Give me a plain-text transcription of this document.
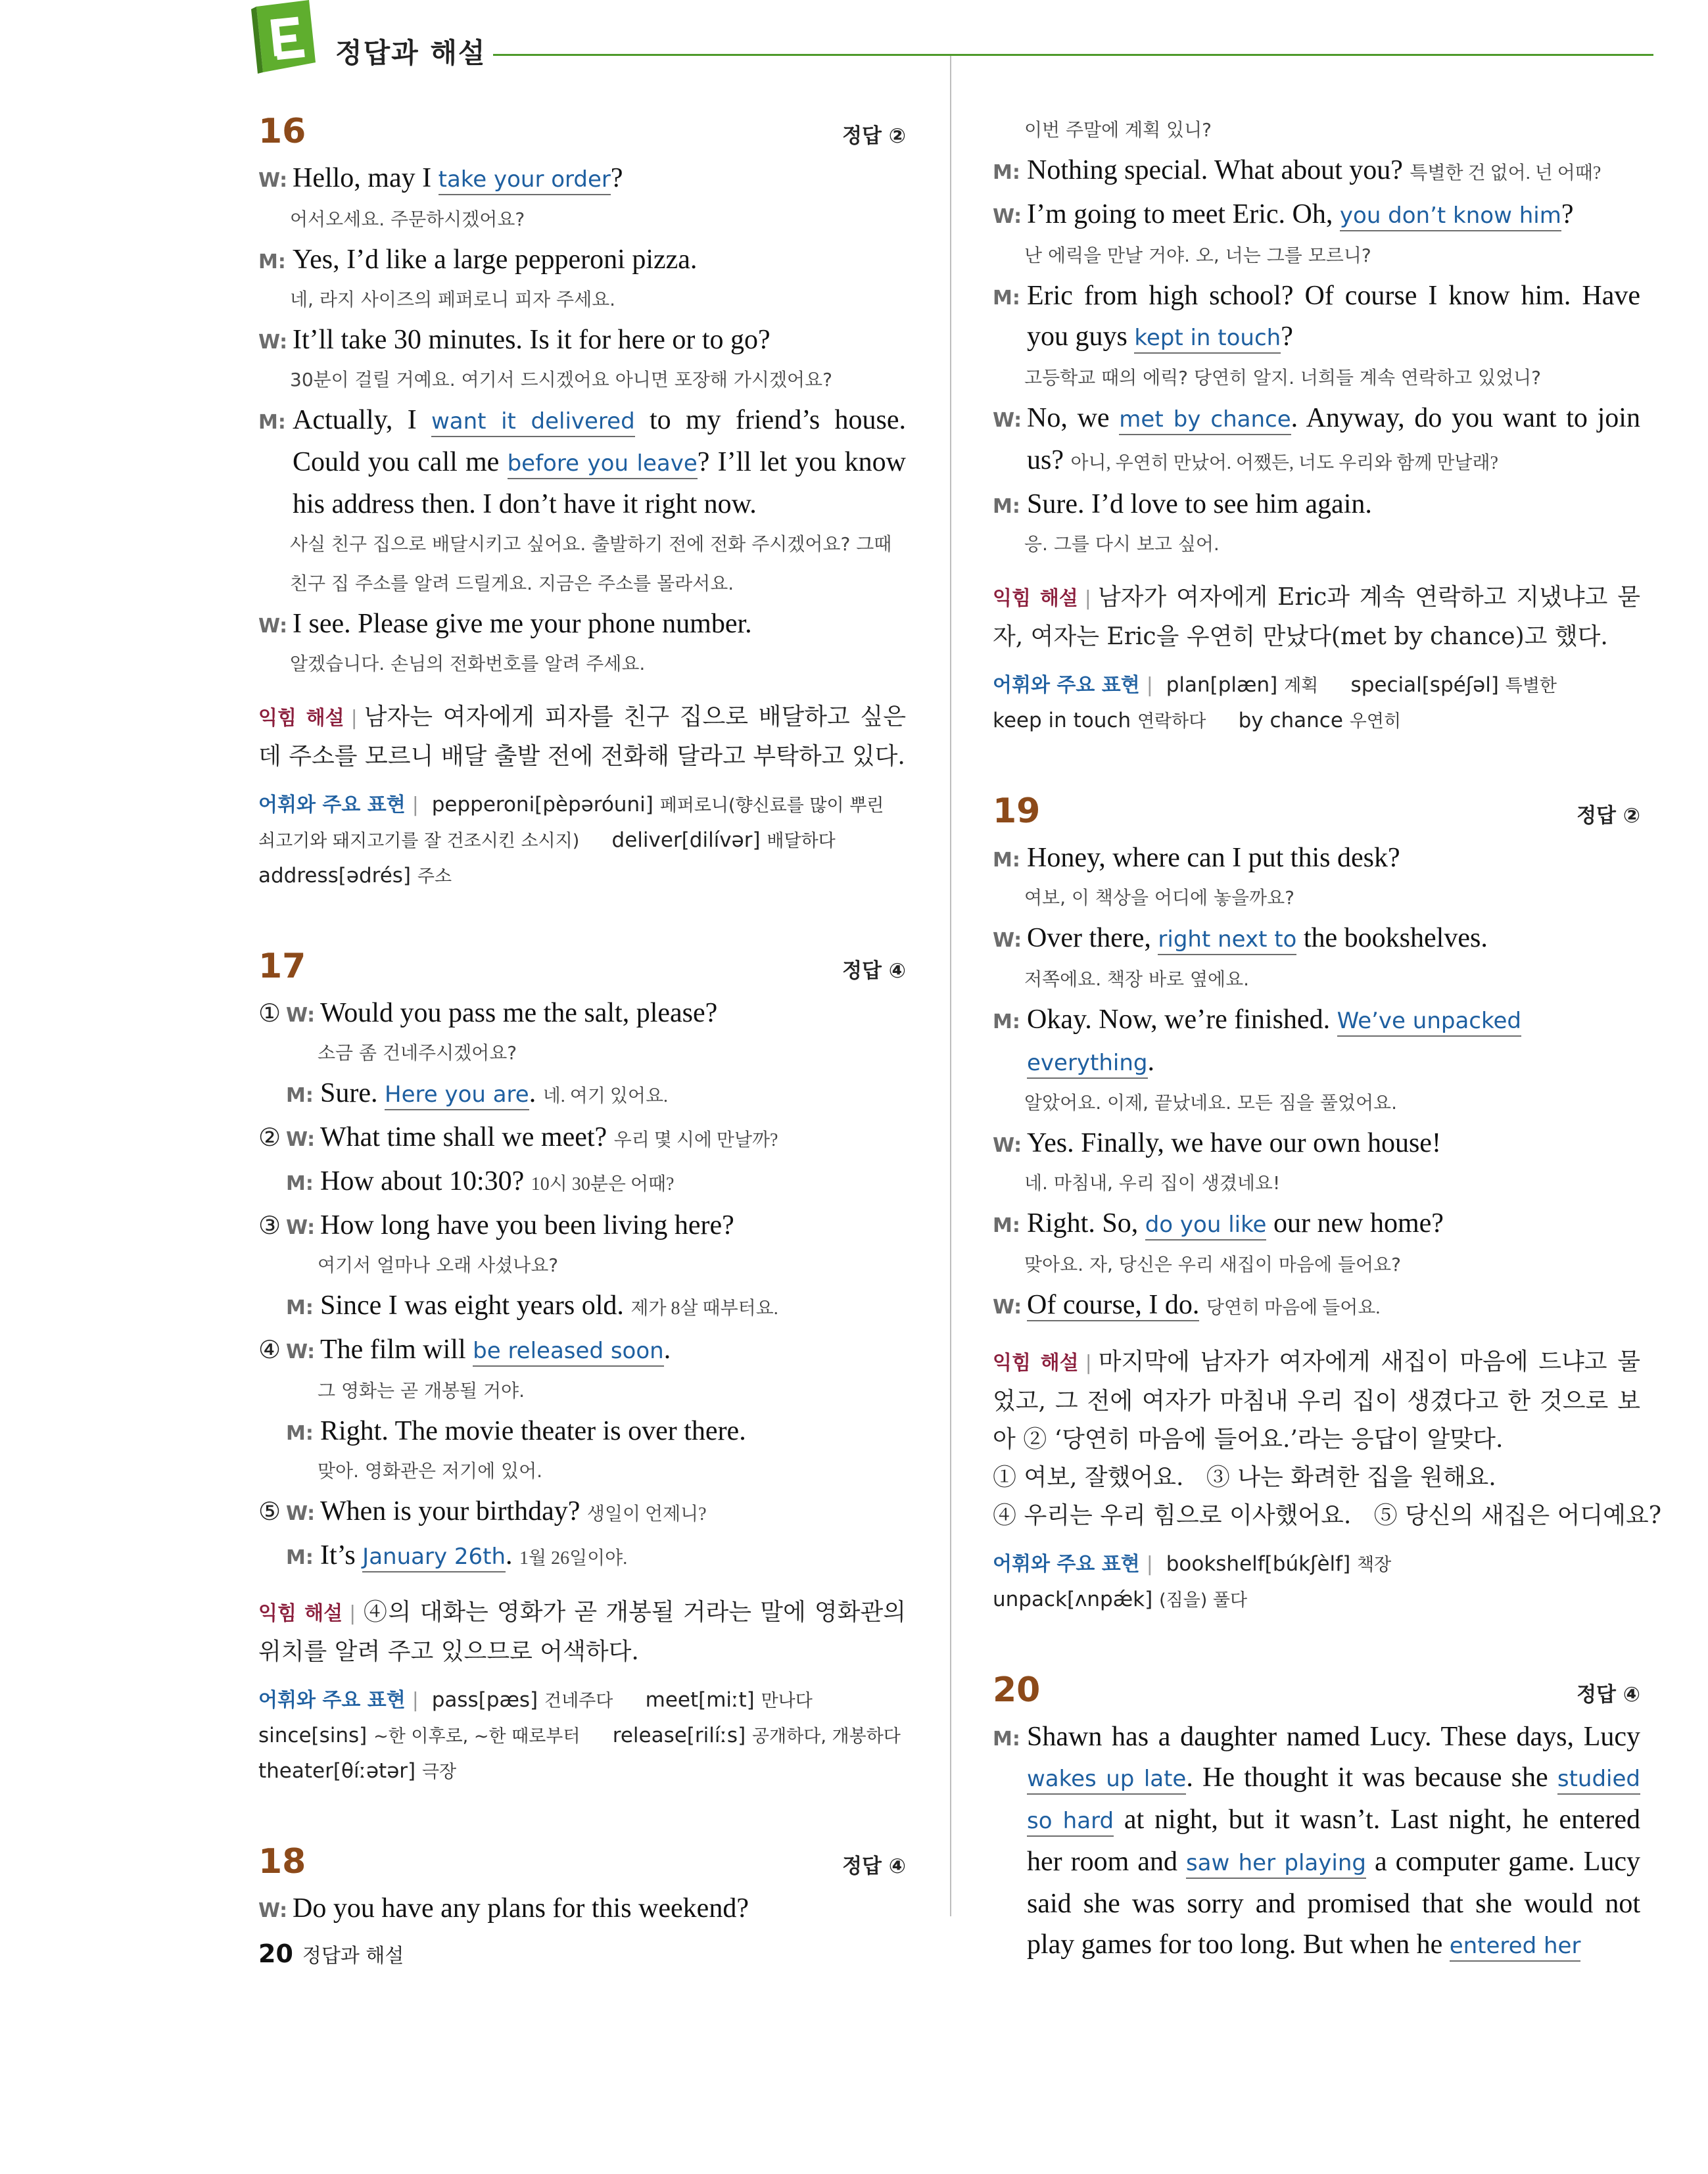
정답과 해설
16	정답 ②
W: Hello, may I take your order?
어서오세요. 주문하시겠어요?
M: Yes, I’d like a large pepperoni pizza.
네, 라지 사이즈의 페퍼로니 피자 주세요.
W: It’ll take 30 minutes. Is it for here or to go?
30분이 걸릴 거예요. 여기서 드시겠어요 아니면 포장해 가시겠어요?
M: Actually, I want it delivered to my friend’s house. Could you call me before you leave? I’ll let you know his address then. I don’t have it right now.
사실 친구 집으로 배달시키고 싶어요. 출발하기 전에 전화 주시겠어요? 그때 친구 집 주소를 알려 드릴게요. 지금은 주소를 몰라서요.
W: I see. Please give me your phone number.
알겠습니다. 손님의 전화번호를 알려 주세요.
익힘 해설 | 남자는 여자에게 피자를 친구 집으로 배달하고 싶은데 주소를 모르니 배달 출발 전에 전화해 달라고 부탁하고 있다.
어휘와 주요 표현 | pepperoni[pèpəróuni] 페퍼로니(향신료를 많이 뿌린 쇠고기와 돼지고기를 잘 건조시킨 소시지) deliver[dilívər] 배달하다
address[ədrés] 주소
17	정답 ④
① W: Would you pass me the salt, please?
소금 좀 건네주시겠어요?
M: Sure. Here you are. 네. 여기 있어요.
② W: What time shall we meet? 우리 몇 시에 만날까?
M: How about 10:30? 10시 30분은 어때?
③ W: How long have you been living here?
여기서 얼마나 오래 사셨나요?
M: Since I was eight years old. 제가 8살 때부터요.
④ W: The film will be released soon.
그 영화는 곧 개봉될 거야.
M: Right. The movie theater is over there.
맞아. 영화관은 저기에 있어.
⑤ W: When is your birthday? 생일이 언제니?
M: It’s January 26th. 1월 26일이야.
익힘 해설 | ④의 대화는 영화가 곧 개봉될 거라는 말에 영화관의 위치를 알려 주고 있으므로 어색하다.
어휘와 주요 표현 | pass[pæs] 건네주다 meet[miːt] 만나다
since[sins] ~한 이후로, ~한 때로부터 release[rilíːs] 공개하다, 개봉하다
theater[θíːətər] 극장
18	정답 ④
W: Do you have any plans for this weekend?
이번 주말에 계획 있니?
M: Nothing special. What about you? 특별한 건 없어. 넌 어때?
W: I’m going to meet Eric. Oh, you don’t know him?
난 에릭을 만날 거야. 오, 너는 그를 모르니?
M: Eric from high school? Of course I know him. Have you guys kept in touch?
고등학교 때의 에릭? 당연히 알지. 너희들 계속 연락하고 있었니?
W: No, we met by chance. Anyway, do you want to join us? 아니, 우연히 만났어. 어쨌든, 너도 우리와 함께 만날래?
M: Sure. I’d love to see him again.
응. 그를 다시 보고 싶어.
익힘 해설 | 남자가 여자에게 Eric과 계속 연락하고 지냈냐고 묻자, 여자는 Eric을 우연히 만났다(met by chance)고 했다.
어휘와 주요 표현 | plan[plæn] 계획 special[spéʃəl] 특별한
keep in touch 연락하다 by chance 우연히
19	정답 ②
M: Honey, where can I put this desk?
여보, 이 책상을 어디에 놓을까요?
W: Over there, right next to the bookshelves.
저쪽에요. 책장 바로 옆에요.
M: Okay. Now, we’re finished. We’ve unpacked everything.
알았어요. 이제, 끝났네요. 모든 짐을 풀었어요.
W: Yes. Finally, we have our own house!
네. 마침내, 우리 집이 생겼네요!
M: Right. So, do you like our new home?
맞아요. 자, 당신은 우리 새집이 마음에 들어요?
W: Of course, I do. 당연히 마음에 들어요.
익힘 해설 | 마지막에 남자가 여자에게 새집이 마음에 드냐고 물었고, 그 전에 여자가 마침내 우리 집이 생겼다고 한 것으로 보아 ② ‘당연히 마음에 들어요.’라는 응답이 알맞다.
① 여보, 잘했어요.   ③ 나는 화려한 집을 원해요.
④ 우리는 우리 힘으로 이사했어요.   ⑤ 당신의 새집은 어디예요?
어휘와 주요 표현 | bookshelf[búkʃèlf] 책장
unpack[ʌnpǽk] (짐을) 풀다
20	정답 ④
M: Shawn has a daughter named Lucy. These days, Lucy wakes up late. He thought it was because she studied so hard at night, but it wasn’t. Last night, he entered her room and saw her playing a computer game. Lucy said she was sorry and promised that she would not play games for too long. But when he entered her
20 정답과 해설
